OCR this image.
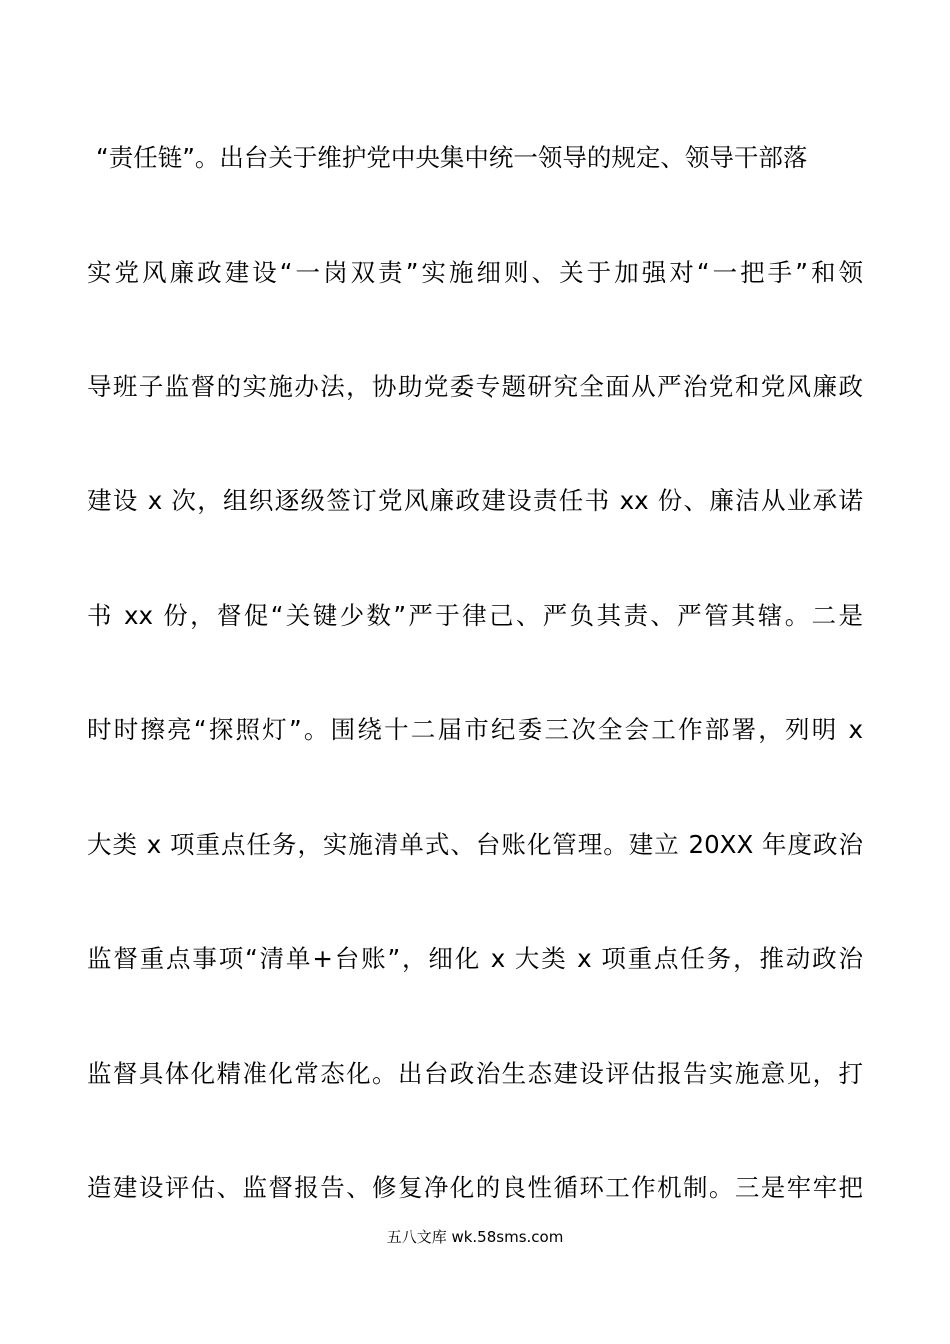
“责任链”。出台关于维护党中央集中统一领导的规定、领导干部落
实党风廉政建设“一岗双责”实施细则、关于加强对“一把手”和领
导班子监督的实施办法，协助党委专题研究全面从严治党和党风廉政
建设 x 次，组织逐级签订党风廉政建设责任书 xx 份、廉洁从业承诺
书 xx 份，督促“关键少数”严于律己、严负其责、严管其辖。二是
时时擦亮“探照灯”。围绕十二届市纪委三次全会工作部署，列明 x
大类 x 项重点任务，实施清单式、台账化管理。建立 20XX 年度政治
监督重点事项“清单+台账”，细化 x 大类 x 项重点任务，推动政治
监督具体化精准化常态化。出台政治生态建设评估报告实施意见，打
造建设评估、监督报告、修复净化的良性循环工作机制。三是牢牢把
五八文库 wk.58sms.com
